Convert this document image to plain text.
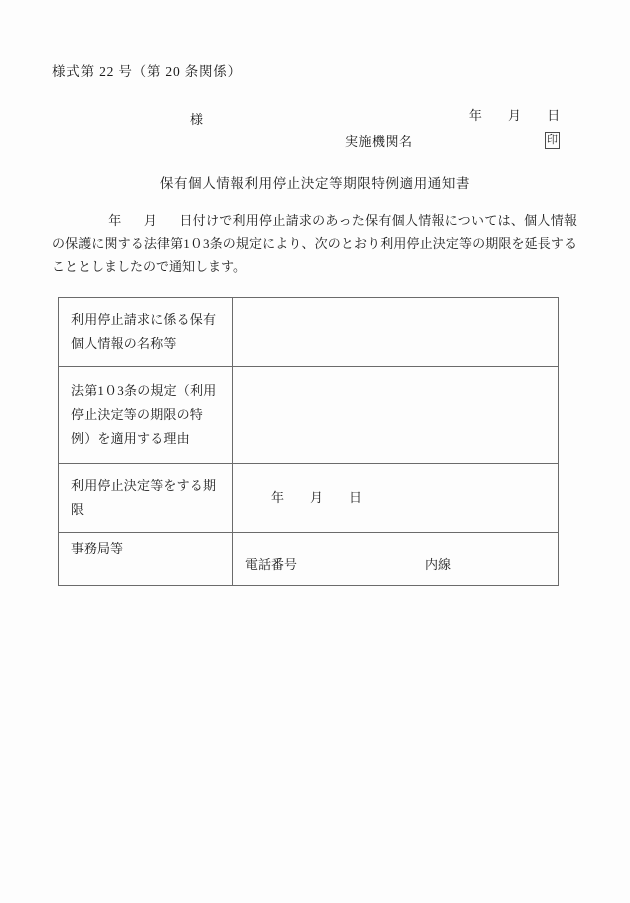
様式第 22 号（第 20 条関係）

年 月 日

様
実施機関名	印
保有個人情報利用停止決定等期限特例適用通知書
年 月 日付けで利用停止請求のあった保有個人情報については、個人情報の保護に関する法律第1０3条の規定により、次のとおり利用停止決定等の期限を延長することとしましたので通知します。
利用停止請求に係る保有個人情報の名称等	

法第1０3条の規定（利用停止決定等の期限の特例）を適用する理由	

利用停止決定等をする期限	年 月 日

事務局等	電話番号 内線
